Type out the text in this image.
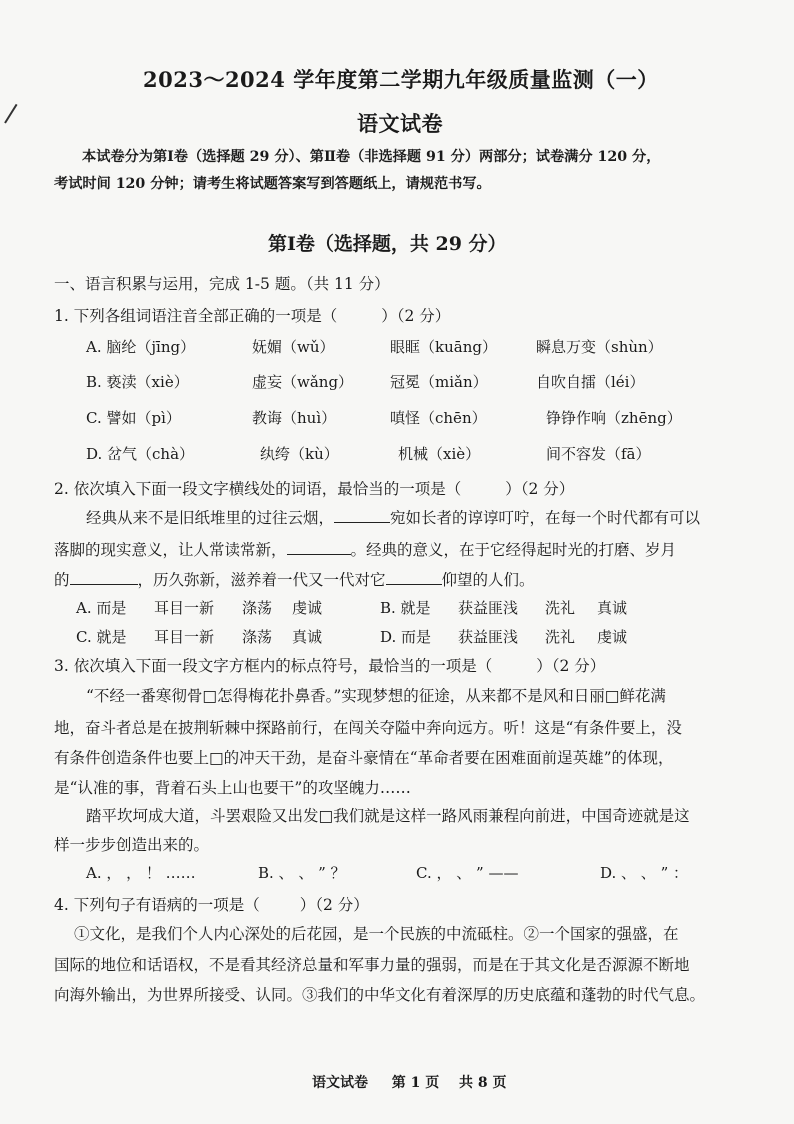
2023～2024 学年度第二学期九年级质量监测（一）
语文试卷
本试卷分为第Ⅰ卷（选择题 29 分）、第Ⅱ卷（非选择题 91 分）两部分；试卷满分 120 分，
考试时间 120 分钟；请考生将试题答案写到答题纸上，请规范书写。
第Ⅰ卷（选择题，共 29 分）
一、语言积累与运用，完成 1-5 题。（共 11 分）
1. 下列各组词语注音全部正确的一项是（	）（2 分）
A. 脑纶（jīng）	妩媚（wǔ）	眼眶（kuāng）	瞬息万变（shùn）
B. 亵渎（xiè）	虚妄（wǎng） 冠冕（miǎn）	自吹自擂（léi）
C. 譬如（pì）	教诲（huì）	嗔怪（chēn）	铮铮作响（zhēng）
D. 岔气（chà）	纨绔（kù）	机械（xiè）	间不容发（fā）
2. 依次填入下面一段文字横线处的词语，最恰当的一项是（	）（2 分）
经典从来不是旧纸堆里的过往云烟，	宛如长者的谆谆叮咛，在每一个时代都有可以
落脚的现实意义，让人常读常新，	。经典的意义，在于它经得起时光的打磨、岁月
的	，历久弥新，滋养着一代又一代对它	仰望的人们。
A. 而是 耳目一新 涤荡 虔诚	B. 就是 获益匪浅 洗礼 真诚
C. 就是 耳目一新 涤荡 真诚	D. 而是 获益匪浅 洗礼 虔诚
3. 依次填入下面一段文字方框内的标点符号，最恰当的一项是（	）（2 分）
“不经一番寒彻骨□怎得梅花扑鼻香。”实现梦想的征途，从来都不是风和日丽□鲜花满
地，奋斗者总是在披荆斩棘中探路前行，在闯关夺隘中奔向远方。听！这是“有条件要上，没
有条件创造条件也要上□的冲天干劲，是奋斗豪情在“革命者要在困难面前逞英雄”的体现，
是“认准的事，背着石头上山也要干”的攻坚魄力……
踏平坎坷成大道，斗罢艰险又出发□我们就是这样一路风雨兼程向前进，中国奇迹就是这
样一步步创造出来的。
A. ， ， ！ ……	B. 、 、 ” ？	C. ， 、 ” ——	D. 、 、 ” ：
4. 下列句子有语病的一项是（	）（2 分）
①文化，是我们个人内心深处的后花园，是一个民族的中流砥柱。②一个国家的强盛，在
国际的地位和话语权，不是看其经济总量和军事力量的强弱，而是在于其文化是否源源不断地
向海外输出，为世界所接受、认同。③我们的中华文化有着深厚的历史底蕴和蓬勃的时代气息。
语文试卷 第 1 页 共 8 页
